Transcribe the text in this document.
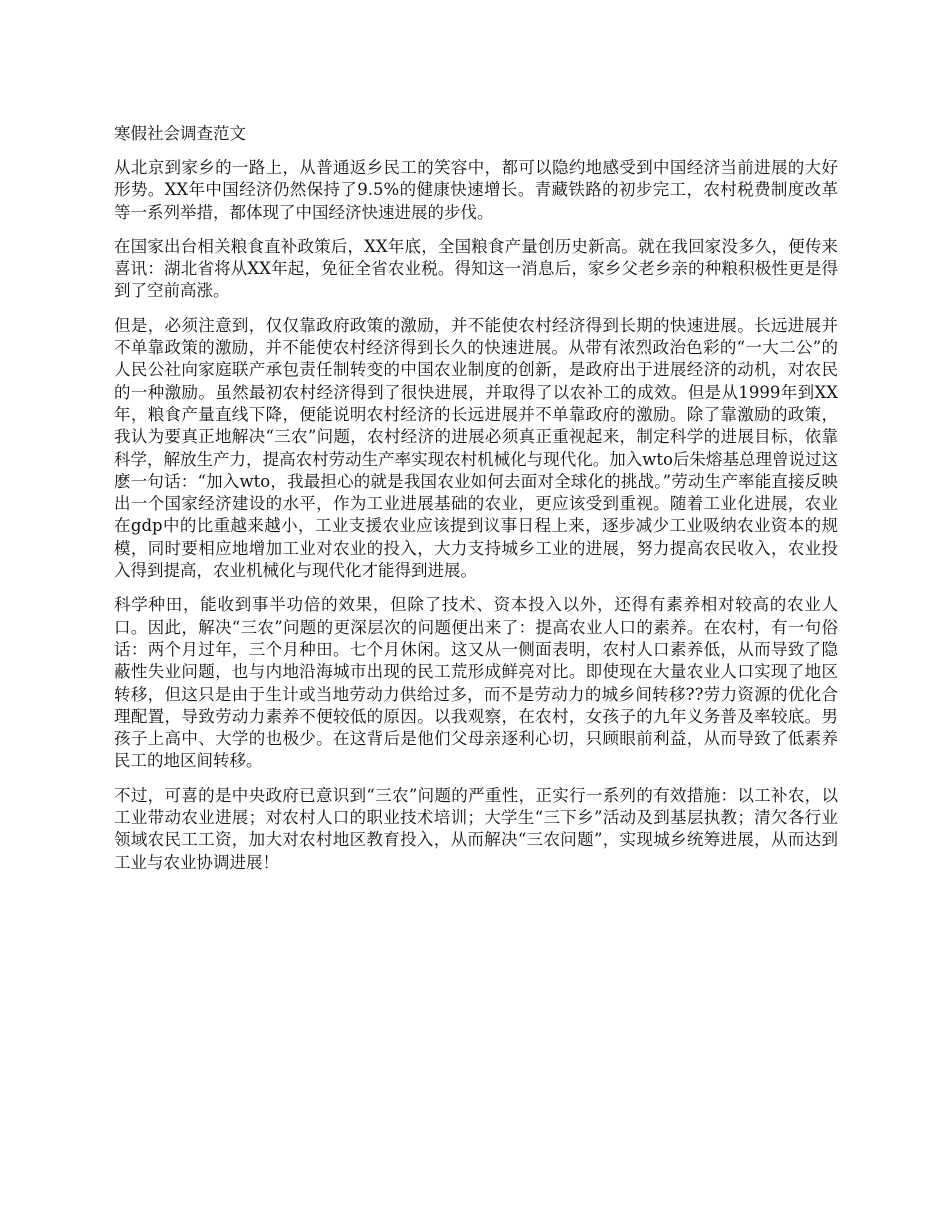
寒假社会调查范文

从北京到家乡的一路上，从普通返乡民工的笑容中，都可以隐约地感受到中国经济当前进展的大好形势。XX年中国经济仍然保持了9.5%的健康快速增长。青藏铁路的初步完工，农村税费制度改革等一系列举措，都体现了中国经济快速进展的步伐。

在国家出台相关粮食直补政策后，XX年底，全国粮食产量创历史新高。就在我回家没多久，便传来喜讯：湖北省将从XX年起，免征全省农业税。得知这一消息后，家乡父老乡亲的种粮积极性更是得到了空前高涨。

但是，必须注意到，仅仅靠政府政策的激励，并不能使农村经济得到长期的快速进展。长远进展并不单靠政策的激励，并不能使农村经济得到长久的快速进展。从带有浓烈政治色彩的“一大二公”的人民公社向家庭联产承包责任制转变的中国农业制度的创新，是政府出于进展经济的动机，对农民的一种激励。虽然最初农村经济得到了很快进展，并取得了以农补工的成效。但是从1999年到XX年，粮食产量直线下降，便能说明农村经济的长远进展并不单靠政府的激励。除了靠激励的政策，我认为要真正地解决“三农”问题，农村经济的进展必须真正重视起来，制定科学的进展目标，依靠科学，解放生产力，提高农村劳动生产率实现农村机械化与现代化。加入wto后朱熔基总理曾说过这麽一句话：“加入wto，我最担心的就是我国农业如何去面对全球化的挑战。”劳动生产率能直接反映出一个国家经济建设的水平，作为工业进展基础的农业，更应该受到重视。随着工业化进展，农业在gdp中的比重越来越小，工业支援农业应该提到议事日程上来，逐步减少工业吸纳农业资本的规模，同时要相应地增加工业对农业的投入，大力支持城乡工业的进展，努力提高农民收入，农业投入得到提高，农业机械化与现代化才能得到进展。

科学种田，能收到事半功倍的效果，但除了技术、资本投入以外，还得有素养相对较高的农业人口。因此，解决“三农”问题的更深层次的问题便出来了：提高农业人口的素养。在农村，有一句俗话：两个月过年，三个月种田。七个月休闲。这又从一侧面表明，农村人口素养低，从而导致了隐蔽性失业问题，也与内地沿海城市出现的民工荒形成鲜亮对比。即使现在大量农业人口实现了地区转移，但这只是由于生计或当地劳动力供给过多，而不是劳动力的城乡间转移??劳力资源的优化合理配置，导致劳动力素养不便较低的原因。以我观察，在农村，女孩子的九年义务普及率较底。男孩子上高中、大学的也极少。在这背后是他们父母亲逐利心切，只顾眼前利益，从而导致了低素养民工的地区间转移。

不过，可喜的是中央政府已意识到“三农”问题的严重性，正实行一系列的有效措施：以工补农，以工业带动农业进展；对农村人口的职业技术培训；大学生“三下乡”活动及到基层执教；清欠各行业领域农民工工资，加大对农村地区教育投入，从而解决“三农问题”，实现城乡统筹进展，从而达到工业与农业协调进展！
